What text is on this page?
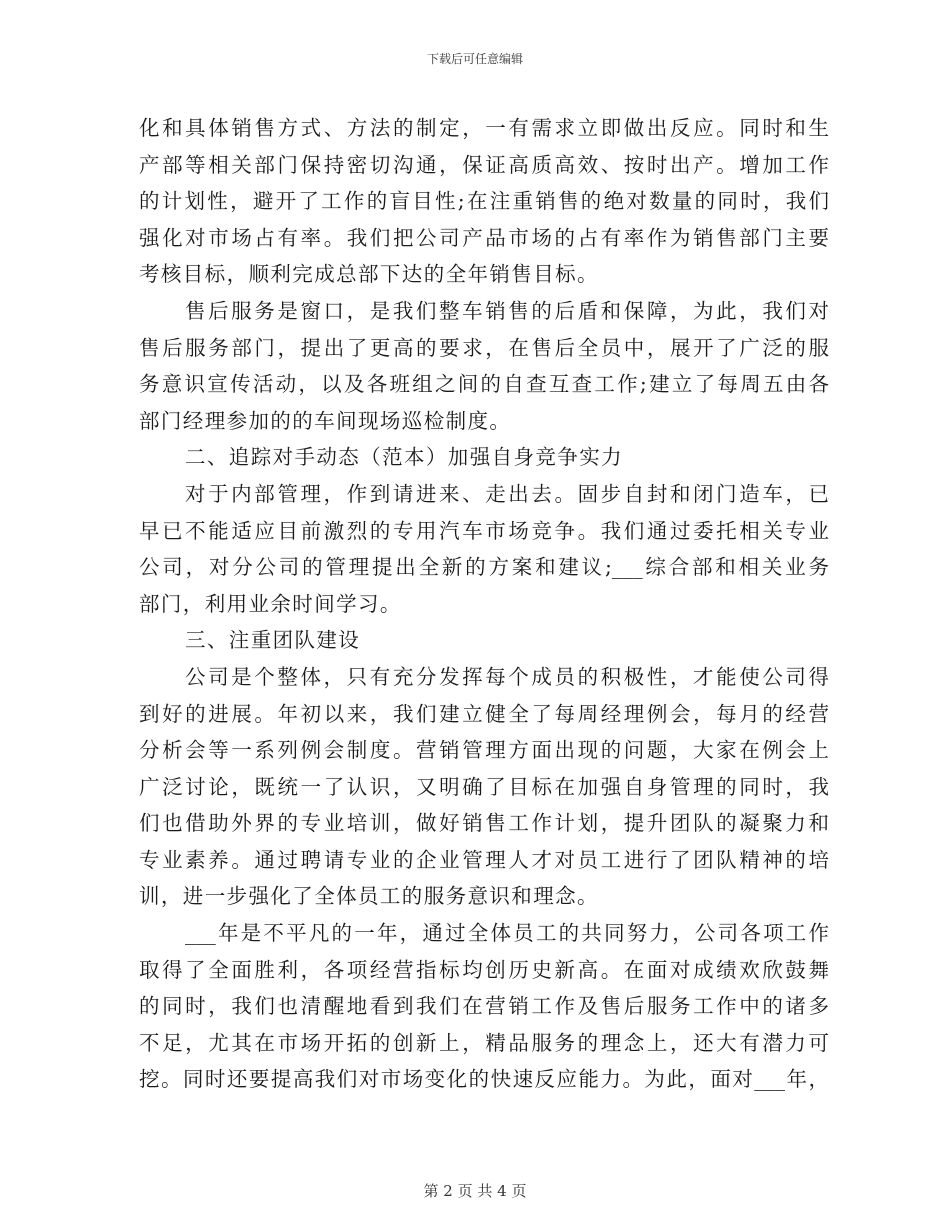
下载后可任意编辑
化和具体销售方式、方法的制定，一有需求立即做出反应。同时和生
产部等相关部门保持密切沟通，保证高质高效、按时出产。增加工作
的计划性，避开了工作的盲目性;在注重销售的绝对数量的同时，我们
强化对市场占有率。我们把公司产品市场的占有率作为销售部门主要
考核目标，顺利完成总部下达的全年销售目标。
售后服务是窗口，是我们整车销售的后盾和保障，为此，我们对
售后服务部门，提出了更高的要求，在售后全员中，展开了广泛的服
务意识宣传活动，以及各班组之间的自查互查工作;建立了每周五由各
部门经理参加的的车间现场巡检制度。
二、追踪对手动态（范本）加强自身竞争实力
对于内部管理，作到请进来、走出去。固步自封和闭门造车，已
早已不能适应目前激烈的专用汽车市场竞争。我们通过委托相关专业
公司，对分公司的管理提出全新的方案和建议;___综合部和相关业务
部门，利用业余时间学习。
三、注重团队建设
公司是个整体，只有充分发挥每个成员的积极性，才能使公司得
到好的进展。年初以来，我们建立健全了每周经理例会，每月的经营
分析会等一系列例会制度。营销管理方面出现的问题，大家在例会上
广泛讨论，既统一了认识，又明确了目标在加强自身管理的同时，我
们也借助外界的专业培训，做好销售工作计划，提升团队的凝聚力和
专业素养。通过聘请专业的企业管理人才对员工进行了团队精神的培
训，进一步强化了全体员工的服务意识和理念。
___年是不平凡的一年，通过全体员工的共同努力，公司各项工作
取得了全面胜利，各项经营指标均创历史新高。在面对成绩欢欣鼓舞
的同时，我们也清醒地看到我们在营销工作及售后服务工作中的诸多
不足，尤其在市场开拓的创新上，精品服务的理念上，还大有潜力可
挖。同时还要提高我们对市场变化的快速反应能力。为此，面对___年，
第 2 页 共 4 页
